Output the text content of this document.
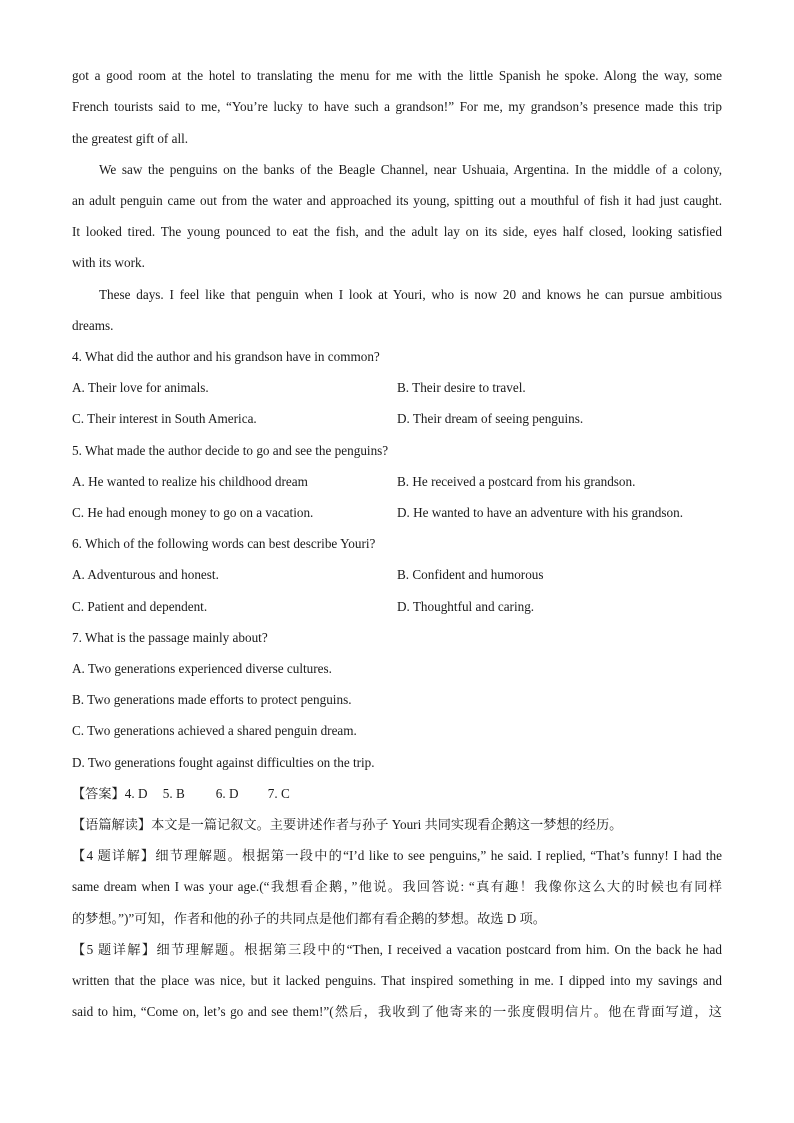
got a good room at the hotel to translating the menu for me with the little Spanish he spoke. Along the way, some
French tourists said to me, “You’re lucky to have such a grandson!” For me, my grandson’s presence made this trip
the greatest gift of all.
We saw the penguins on the banks of the Beagle Channel, near Ushuaia, Argentina. In the middle of a colony,
an adult penguin came out from the water and approached its young, spitting out a mouthful of fish it had just caught.
It looked tired. The young pounced to eat the fish, and the adult lay on its side, eyes half closed, looking satisfied
with its work.
These days. I feel like that penguin when I look at Youri, who is now 20 and knows he can pursue ambitious
dreams.
4. What did the author and his grandson have in common?
A. Their love for animals.	B. Their desire to travel.
C. Their interest in South America.	D. Their dream of seeing penguins.
5. What made the author decide to go and see the penguins?
A. He wanted to realize his childhood dream	B. He received a postcard from his grandson.
C. He had enough money to go on a vacation.	D. He wanted to have an adventure with his grandson.
6. Which of the following words can best describe Youri?
A. Adventurous and honest.	B. Confident and humorous
C. Patient and dependent.	D. Thoughtful and caring.
7. What is the passage mainly about?
A. Two generations experienced diverse cultures.
B. Two generations made efforts to protect penguins.
C. Two generations achieved a shared penguin dream.
D. Two generations fought against difficulties on the trip.
【答案】4. D 5. B 6. D 7. C
【语篇解读】本文是一篇记叙文。主要讲述作者与孙子 Youri 共同实现看企鹅这一梦想的经历。
【4 题详解】细节理解题。根据第一段中的“I’d like to see penguins,” he said. I replied, “That’s funny! I had the
same dream when I was your age.(“我想看企鹅，”他说。我回答说: “真有趣！我像你这么大的时候也有同样
的梦想。”)”可知，作者和他的孙子的共同点是他们都有看企鹅的梦想。故选 D 项。
【5 题详解】细节理解题。根据第三段中的“Then, I received a vacation postcard from him. On the back he had
written that the place was nice, but it lacked penguins. That inspired something in me. I dipped into my savings and
said to him, “Come on, let’s go and see them!”(然后，我收到了他寄来的一张度假明信片。他在背面写道，这
